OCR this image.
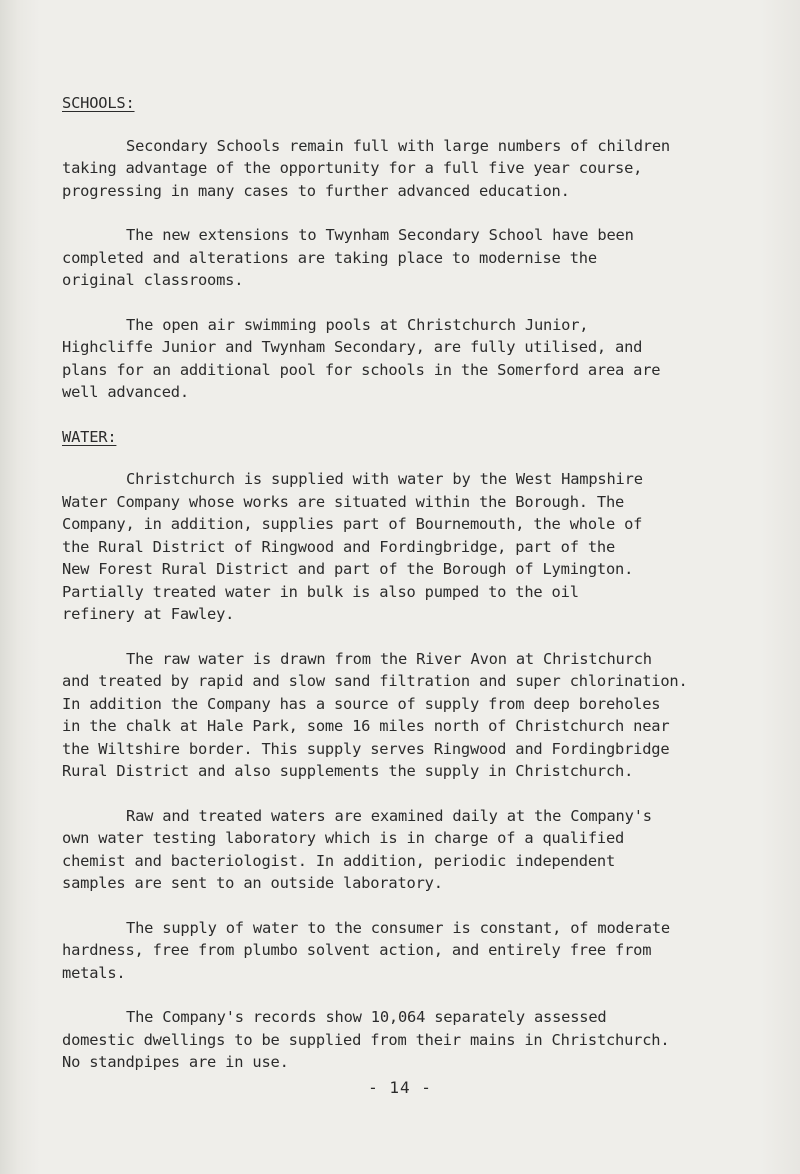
SCHOOLS:

Secondary Schools remain full with large numbers of children
taking advantage of the opportunity for a full five year course,
progressing in many cases to further advanced education.

The new extensions to Twynham Secondary School have been
completed and alterations are taking place to modernise the
original classrooms.

The open air swimming pools at Christchurch Junior,
Highcliffe Junior and Twynham Secondary, are fully utilised, and
plans for an additional pool for schools in the Somerford area are
well advanced.

WATER:

Christchurch is supplied with water by the West Hampshire
Water Company whose works are situated within the Borough. The
Company, in addition, supplies part of Bournemouth, the whole of
the Rural District of Ringwood and Fordingbridge, part of the
New Forest Rural District and part of the Borough of Lymington.
Partially treated water in bulk is also pumped to the oil
refinery at Fawley.

The raw water is drawn from the River Avon at Christchurch
and treated by rapid and slow sand filtration and super chlorination.
In addition the Company has a source of supply from deep boreholes
in the chalk at Hale Park, some 16 miles north of Christchurch near
the Wiltshire border. This supply serves Ringwood and Fordingbridge
Rural District and also supplements the supply in Christchurch.

Raw and treated waters are examined daily at the Company's
own water testing laboratory which is in charge of a qualified
chemist and bacteriologist. In addition, periodic independent
samples are sent to an outside laboratory.

The supply of water to the consumer is constant, of moderate
hardness, free from plumbo solvent action, and entirely free from
metals.

The Company's records show 10,064 separately assessed
domestic dwellings to be supplied from their mains in Christchurch.
No standpipes are in use.

- 14 -
